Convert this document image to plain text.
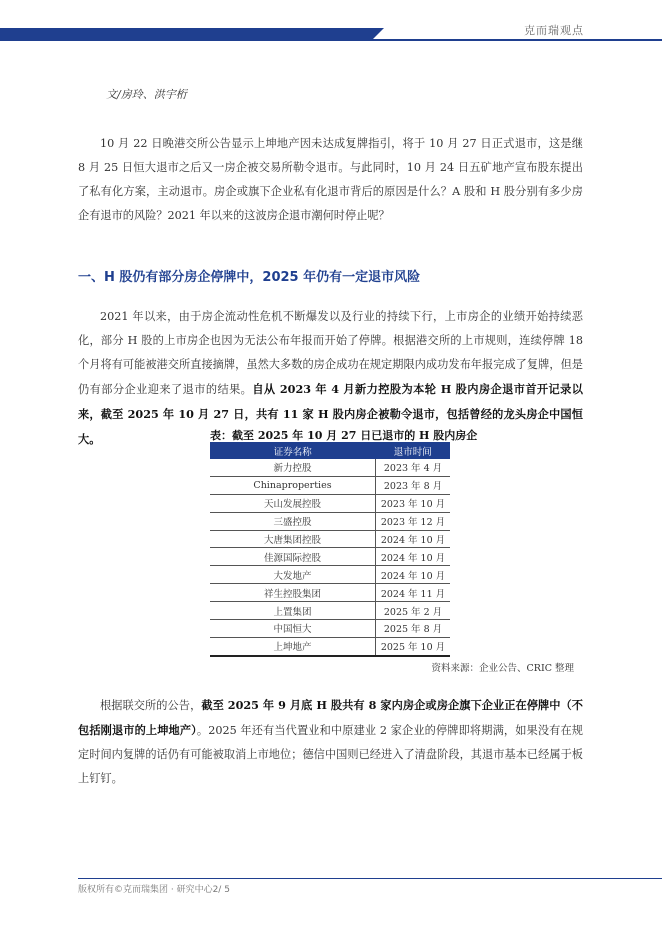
克而瑞观点
文/房玲、洪宇桁

10 月 22 日晚港交所公告显示上坤地产因未达成复牌指引，将于 10 月 27 日正式退市，这是继 8 月 25 日恒大退市之后又一房企被交易所勒令退市。与此同时，10 月 24 日五矿地产宣布股东提出了私有化方案，主动退市。房企或旗下企业私有化退市背后的原因是什么？A 股和 H 股分别有多少房企有退市的风险？2021 年以来的这波房企退市潮何时停止呢？

一、H 股仍有部分房企停牌中，2025 年仍有一定退市风险

2021 年以来，由于房企流动性危机不断爆发以及行业的持续下行，上市房企的业绩开始持续恶化，部分 H 股的上市房企也因为无法公布年报而开始了停牌。根据港交所的上市规则，连续停牌 18 个月将有可能被港交所直接摘牌，虽然大多数的房企成功在规定期限内成功发布年报完成了复牌，但是仍有部分企业迎来了退市的结果。自从 2023 年 4 月新力控股为本轮 H 股内房企退市首开记录以来，截至 2025 年 10 月 27 日，共有 11 家 H 股内房企被勒令退市，包括曾经的龙头房企中国恒大。	表：截至 2025 年 10 月 27 日已退市的 H 股内房企
证券名称	退市时间
新力控股	2023 年 4 月
Chinaproperties	2023 年 8 月
天山发展控股	2023 年 10 月
三盛控股	2023 年 12 月
大唐集团控股	2024 年 10 月
佳源国际控股	2024 年 10 月
大发地产	2024 年 10 月
祥生控股集团	2024 年 11 月
上置集团	2025 年 2 月
中国恒大	2025 年 8 月
上坤地产	2025 年 10 月
资料来源：企业公告、CRIC 整理

根据联交所的公告，截至 2025 年 9 月底 H 股共有 8 家内房企或房企旗下企业正在停牌中（不包括刚退市的上坤地产）。2025 年还有当代置业和中原建业 2 家企业的停牌即将期满，如果没有在规定时间内复牌的话仍有可能被取消上市地位；德信中国则已经进入了清盘阶段，其退市基本已经属于板上钉钉。

版权所有©克而瑞集团 · 研究中心2/ 5
